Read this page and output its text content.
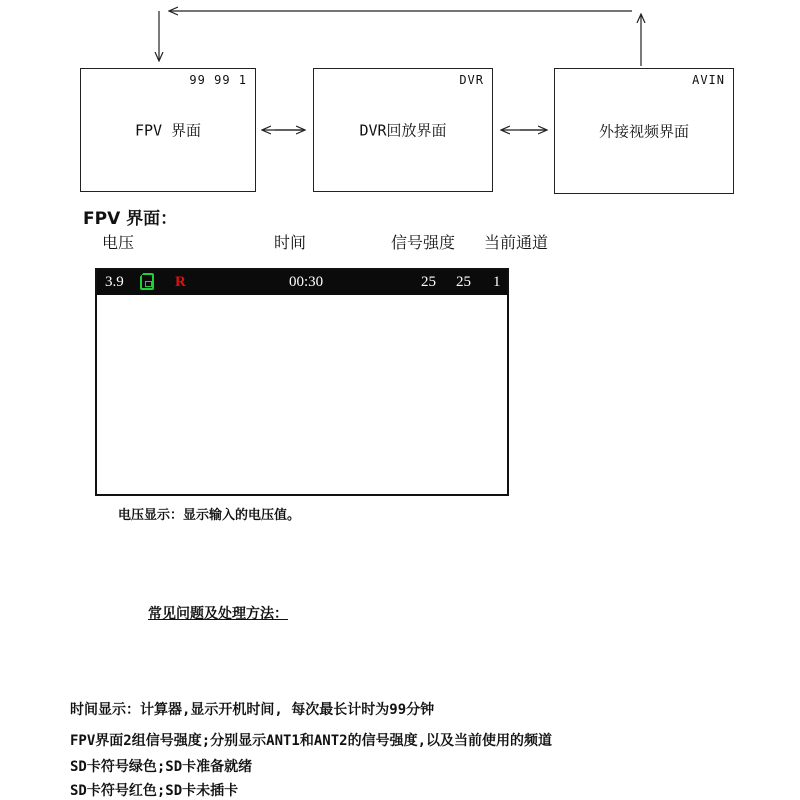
99 99 1
FPV 界面
DVR
DVR回放界面
AVIN
外接视频界面
FPV 界面：
电压	时间	信号强度 当前通道
3.9	R	00:30	25 25 1
电压显示：显示输入的电压值。
常见问题及处理方法：
时间显示：计算器,显示开机时间, 每次最长计时为99分钟
FPV界面2组信号强度;分别显示ANT1和ANT2的信号强度,以及当前使用的频道
SD卡符号绿色;SD卡准备就绪
SD卡符号红色;SD卡未插卡
